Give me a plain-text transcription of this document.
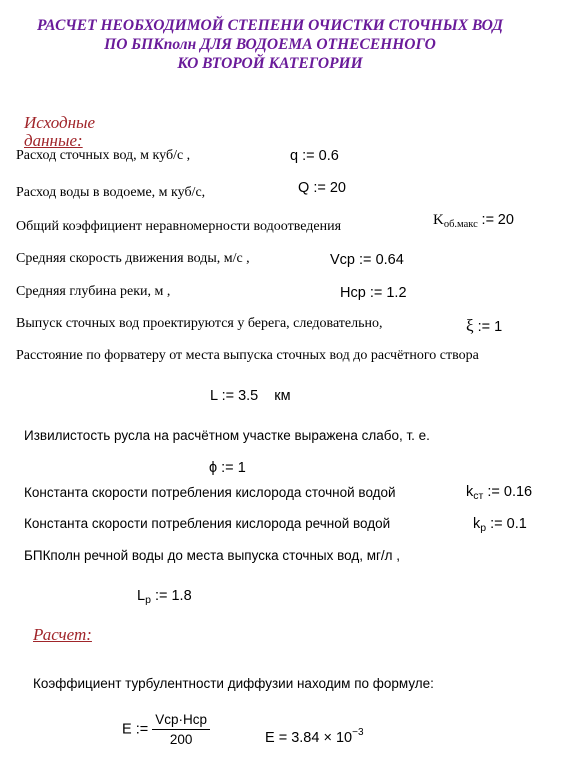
РАСЧЕТ НЕОБХОДИМОЙ СТЕПЕНИ ОЧИСТКИ СТОЧНЫХ ВОД
ПО БПКполн ДЛЯ ВОДОЕМА ОТНЕСЕННОГО
КО ВТОРОЙ КАТЕГОРИИ
Исходные
данные:
Расход сточных вод, м куб/с ,	q := 0.6
Расход воды в водоеме, м куб/с,	Q := 20
Общий коэффициент неравномерности водоотведения	$K_{об.макс}$ := 20
Средняя скорость движения воды, м/с ,	Vср := 0.64
Средняя глубина реки, м ,	Нср := 1.2
Выпуск сточных вод проектируются у берега, следовательно,	ξ := 1
Расстояние по форватеру от места выпуска сточных вод до расчётного створа
L := 3.5 км
Извилистость русла на расчётном участке выражена слабо, т. е.
ϕ := 1
Константа скорости потребления кислорода сточной водой	$k_{ст}$ := 0.16
Константа скорости потребления кислорода речной водой	$k_р$ := 0.1
БПКполн речной воды до места выпуска сточных вод, мг/л ,
$L_р$ := 1.8
Расчет:
Коэффициент турбулентности диффузии находим по формуле:
E := $\frac{\text{Vср·Нср}}{200}$	$E = 3.84 \times 10^{-3}$
